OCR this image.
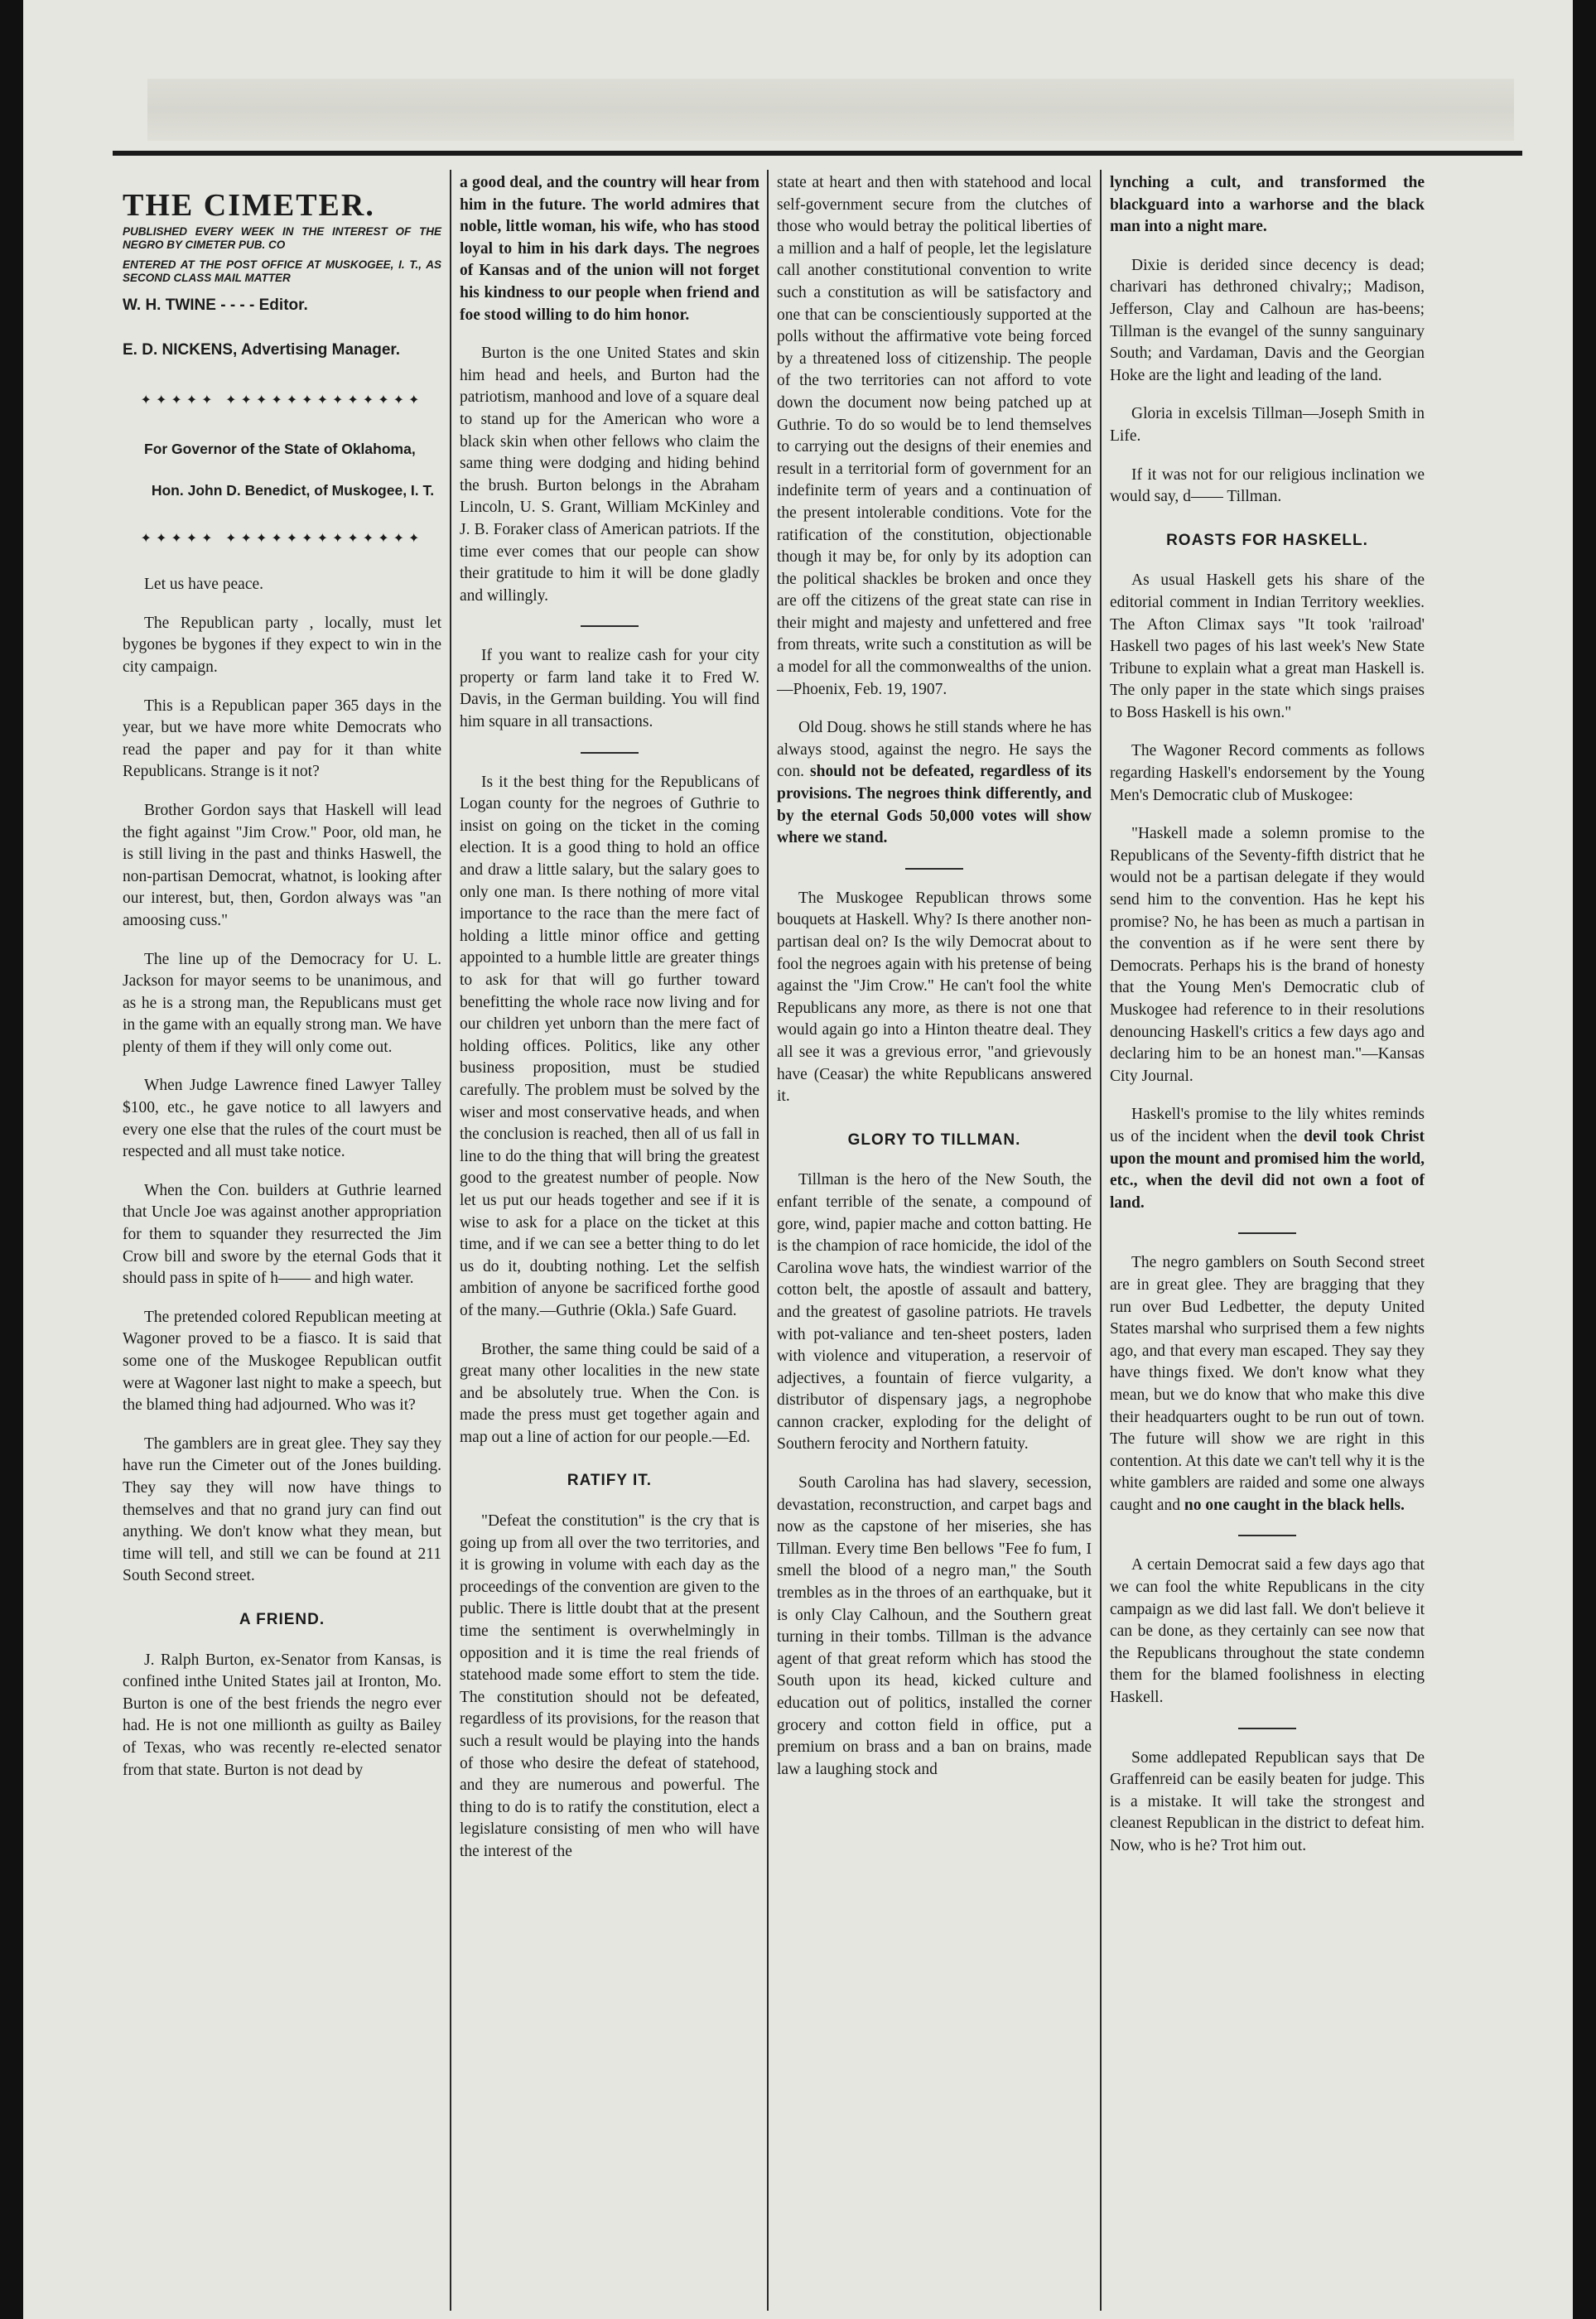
THE CIMETER.
PUBLISHED EVERY WEEK IN THE INTEREST OF THE NEGRO BY CIMETER PUB. CO
ENTERED AT THE POST OFFICE AT MUSKOGEE, I. T., AS SECOND CLASS MAIL MATTER

W. H. TWINE - - - - Editor.

E. D. NICKENS, Advertising Manager.

✦✦✦✦✦ ✦✦✦✦✦✦✦✦✦✦✦✦✦

For Governor of the State of Oklahoma,

Hon. John D. Benedict, of Muskogee, I. T.

✦✦✦✦✦ ✦✦✦✦✦✦✦✦✦✦✦✦✦

Let us have peace.

The Republican party , locally, must let bygones be bygones if they expect to win in the city campaign.

This is a Republican paper 365 days in the year, but we have more white Democrats who read the paper and pay for it than white Republicans. Strange is it not?

Brother Gordon says that Haskell will lead the fight against "Jim Crow." Poor, old man, he is still living in the past and thinks Haswell, the non-partisan Democrat, whatnot, is looking after our interest, but, then, Gordon always was "an amoosing cuss."

The line up of the Democracy for U. L. Jackson for mayor seems to be unanimous, and as he is a strong man, the Republicans must get in the game with an equally strong man. We have plenty of them if they will only come out.

When Judge Lawrence fined Lawyer Talley $100, etc., he gave notice to all lawyers and every one else that the rules of the court must be respected and all must take notice.

When the Con. builders at Guthrie learned that Uncle Joe was against another appropriation for them to squander they resurrected the Jim Crow bill and swore by the eternal Gods that it should pass in spite of h—— and high water.

The pretended colored Republican meeting at Wagoner proved to be a fiasco. It is said that some one of the Muskogee Republican outfit were at Wagoner last night to make a speech, but the blamed thing had adjourned. Who was it?

The gamblers are in great glee. They say they have run the Cimeter out of the Jones building. They say they will now have things to themselves and that no grand jury can find out anything. We don't know what they mean, but time will tell, and still we can be found at 211 South Second street.

A FRIEND.

J. Ralph Burton, ex-Senator from Kansas, is confined inthe United States jail at Ironton, Mo. Burton is one of the best friends the negro ever had. He is not one millionth as guilty as Bailey of Texas, who was recently re-elected senator from that state. Burton is not dead by

a good deal, and the country will hear from him in the future. The world admires that noble, little woman, his wife, who has stood loyal to him in his dark days. The negroes of Kansas and of the union will not forget his kindness to our people when friend and foe stood willing to do him honor.

Burton is the one United States and skin him head and heels, and Burton had the patriotism, manhood and love of a square deal to stand up for the American who wore a black skin when other fellows who claim the same thing were dodging and hiding behind the brush. Burton belongs in the Abraham Lincoln, U. S. Grant, William McKinley and J. B. Foraker class of American patriots. If the time ever comes that our people can show their gratitude to him it will be done gladly and willingly.

If you want to realize cash for your city property or farm land take it to Fred W. Davis, in the German building. You will find him square in all transactions.

Is it the best thing for the Republicans of Logan county for the negroes of Guthrie to insist on going on the ticket in the coming election. It is a good thing to hold an office and draw a little salary, but the salary goes to only one man. Is there nothing of more vital importance to the race than the mere fact of holding a little minor office and getting appointed to a humble little are greater things to ask for that will go further toward benefitting the whole race now living and for our children yet unborn than the mere fact of holding offices. Politics, like any other business proposition, must be studied carefully. The problem must be solved by the wiser and most conservative heads, and when the conclusion is reached, then all of us fall in line to do the thing that will bring the greatest good to the greatest number of people. Now let us put our heads together and see if it is wise to ask for a place on the ticket at this time, and if we can see a better thing to do let us do it, doubting nothing. Let the selfish ambition of anyone be sacrificed forthe good of the many.—Guthrie (Okla.) Safe Guard.

Brother, the same thing could be said of a great many other localities in the new state and be absolutely true. When the Con. is made the press must get together again and map out a line of action for our people.—Ed.

RATIFY IT.

"Defeat the constitution" is the cry that is going up from all over the two territories, and it is growing in volume with each day as the proceedings of the convention are given to the public. There is little doubt that at the present time the sentiment is overwhelmingly in opposition and it is time the real friends of statehood made some effort to stem the tide. The constitution should not be defeated, regardless of its provisions, for the reason that such a result would be playing into the hands of those who desire the defeat of statehood, and they are numerous and powerful. The thing to do is to ratify the constitution, elect a legislature consisting of men who will have the interest of the

state at heart and then with statehood and local self-government secure from the clutches of those who would betray the political liberties of a million and a half of people, let the legislature call another constitutional convention to write such a constitution as will be satisfactory and one that can be conscientiously supported at the polls without the affirmative vote being forced by a threatened loss of citizenship. The people of the two territories can not afford to vote down the document now being patched up at Guthrie. To do so would be to lend themselves to carrying out the designs of their enemies and result in a territorial form of government for an indefinite term of years and a continuation of the present intolerable conditions. Vote for the ratification of the constitution, objectionable though it may be, for only by its adoption can the political shackles be broken and once they are off the citizens of the great state can rise in their might and majesty and unfettered and free from threats, write such a constitution as will be a model for all the commonwealths of the union.—Phoenix, Feb. 19, 1907.

Old Doug. shows he still stands where he has always stood, against the negro. He says the con. should not be defeated, regardless of its provisions. The negroes think differently, and by the eternal Gods 50,000 votes will show where we stand.

The Muskogee Republican throws some bouquets at Haskell. Why? Is there another non-partisan deal on? Is the wily Democrat about to fool the negroes again with his pretense of being against the "Jim Crow." He can't fool the white Republicans any more, as there is not one that would again go into a Hinton theatre deal. They all see it was a grevious error, "and grievously have (Ceasar) the white Republicans answered it.

GLORY TO TILLMAN.

Tillman is the hero of the New South, the enfant terrible of the senate, a compound of gore, wind, papier mache and cotton batting. He is the champion of race homicide, the idol of the Carolina wove hats, the windiest warrior of the cotton belt, the apostle of assault and battery, and the greatest of gasoline patriots. He travels with pot-valiance and ten-sheet posters, laden with violence and vituperation, a reservoir of adjectives, a fountain of fierce vulgarity, a distributor of dispensary jags, a negrophobe cannon cracker, exploding for the delight of Southern ferocity and Northern fatuity.

South Carolina has had slavery, secession, devastation, reconstruction, and carpet bags and now as the capstone of her miseries, she has Tillman. Every time Ben bellows "Fee fo fum, I smell the blood of a negro man," the South trembles as in the throes of an earthquake, but it is only Clay Calhoun, and the Southern great turning in their tombs. Tillman is the advance agent of that great reform which has stood the South upon its head, kicked culture and education out of politics, installed the corner grocery and cotton field in office, put a premium on brass and a ban on brains, made law a laughing stock and

lynching a cult, and transformed the blackguard into a warhorse and the black man into a night mare.

Dixie is derided since decency is dead; charivari has dethroned chivalry;; Madison, Jefferson, Clay and Calhoun are has-beens; Tillman is the evangel of the sunny sanguinary South; and Vardaman, Davis and the Georgian Hoke are the light and leading of the land.

Gloria in excelsis Tillman—Joseph Smith in Life.

If it was not for our religious inclination we would say, d—— Tillman.

ROASTS FOR HASKELL.

As usual Haskell gets his share of the editorial comment in Indian Territory weeklies. The Afton Climax says "It took 'railroad' Haskell two pages of his last week's New State Tribune to explain what a great man Haskell is. The only paper in the state which sings praises to Boss Haskell is his own."

The Wagoner Record comments as follows regarding Haskell's endorsement by the Young Men's Democratic club of Muskogee:

"Haskell made a solemn promise to the Republicans of the Seventy-fifth district that he would not be a partisan delegate if they would send him to the convention. Has he kept his promise? No, he has been as much a partisan in the convention as if he were sent there by Democrats. Perhaps his is the brand of honesty that the Young Men's Democratic club of Muskogee had reference to in their resolutions denouncing Haskell's critics a few days ago and declaring him to be an honest man."—Kansas City Journal.

Haskell's promise to the lily whites reminds us of the incident when the devil took Christ upon the mount and promised him the world, etc., when the devil did not own a foot of land.

The negro gamblers on South Second street are in great glee. They are bragging that they run over Bud Ledbetter, the deputy United States marshal who surprised them a few nights ago, and that every man escaped. They say they have things fixed. We don't know what they mean, but we do know that who make this dive their headquarters ought to be run out of town. The future will show we are right in this contention. At this date we can't tell why it is the white gamblers are raided and some one always caught and no one caught in the black hells.

A certain Democrat said a few days ago that we can fool the white Republicans in the city campaign as we did last fall. We don't believe it can be done, as they certainly can see now that the Republicans throughout the state condemn them for the blamed foolishness in electing Haskell.

Some addlepated Republican says that De Graffenreid can be easily beaten for judge. This is a mistake. It will take the strongest and cleanest Republican in the district to defeat him. Now, who is he? Trot him out.
